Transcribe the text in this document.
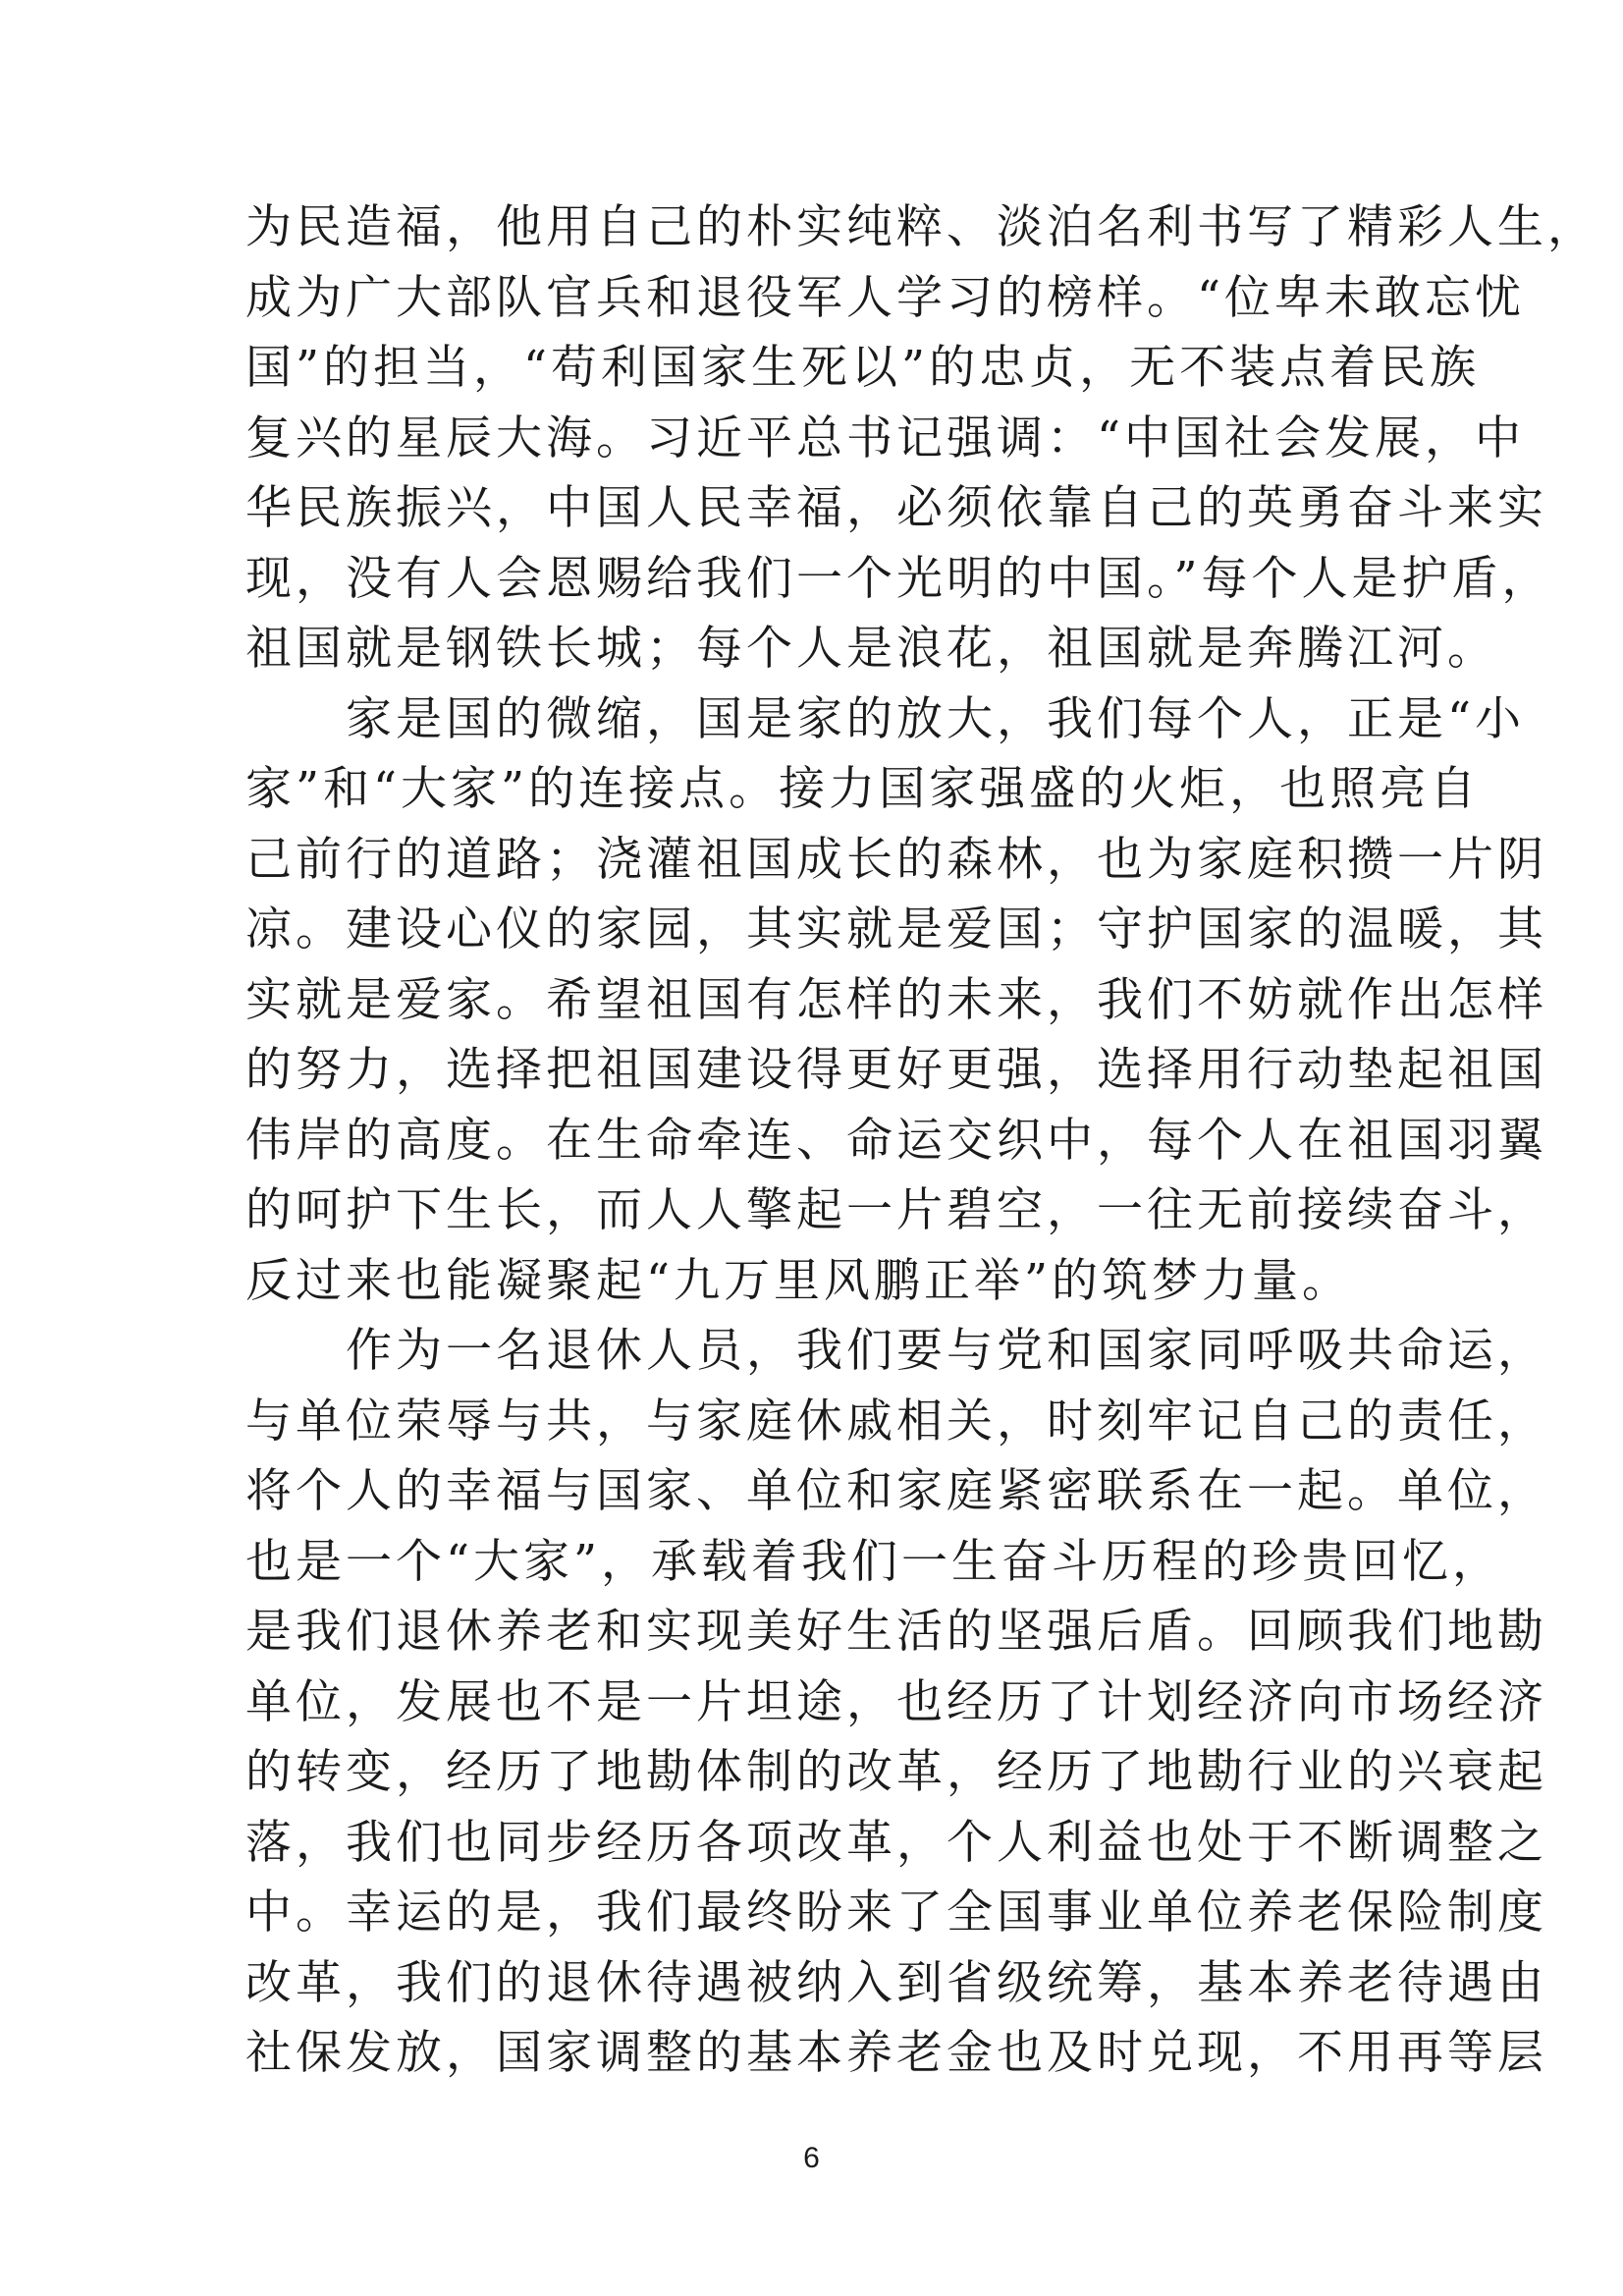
为民造福，他用自己的朴实纯粹、淡泊名利书写了精彩人生，
成为广大部队官兵和退役军人学习的榜样。“位卑未敢忘忧
国”的担当，“苟利国家生死以”的忠贞，无不装点着民族
复兴的星辰大海。习近平总书记强调：“中国社会发展，中
华民族振兴，中国人民幸福，必须依靠自己的英勇奋斗来实
现，没有人会恩赐给我们一个光明的中国。”每个人是护盾，
祖国就是钢铁长城；每个人是浪花，祖国就是奔腾江河。
　　家是国的微缩，国是家的放大，我们每个人，正是“小
家”和“大家”的连接点。接力国家强盛的火炬，也照亮自
己前行的道路；浇灌祖国成长的森林，也为家庭积攒一片阴
凉。建设心仪的家园，其实就是爱国；守护国家的温暖，其
实就是爱家。希望祖国有怎样的未来，我们不妨就作出怎样
的努力，选择把祖国建设得更好更强，选择用行动垫起祖国
伟岸的高度。在生命牵连、命运交织中，每个人在祖国羽翼
的呵护下生长，而人人擎起一片碧空，一往无前接续奋斗，
反过来也能凝聚起“九万里风鹏正举”的筑梦力量。
　　作为一名退休人员，我们要与党和国家同呼吸共命运，
与单位荣辱与共，与家庭休戚相关，时刻牢记自己的责任，
将个人的幸福与国家、单位和家庭紧密联系在一起。单位，
也是一个“大家”，承载着我们一生奋斗历程的珍贵回忆，
是我们退休养老和实现美好生活的坚强后盾。回顾我们地勘
单位，发展也不是一片坦途，也经历了计划经济向市场经济
的转变，经历了地勘体制的改革，经历了地勘行业的兴衰起
落，我们也同步经历各项改革，个人利益也处于不断调整之
中。幸运的是，我们最终盼来了全国事业单位养老保险制度
改革，我们的退休待遇被纳入到省级统筹，基本养老待遇由
社保发放，国家调整的基本养老金也及时兑现，不用再等层
6
